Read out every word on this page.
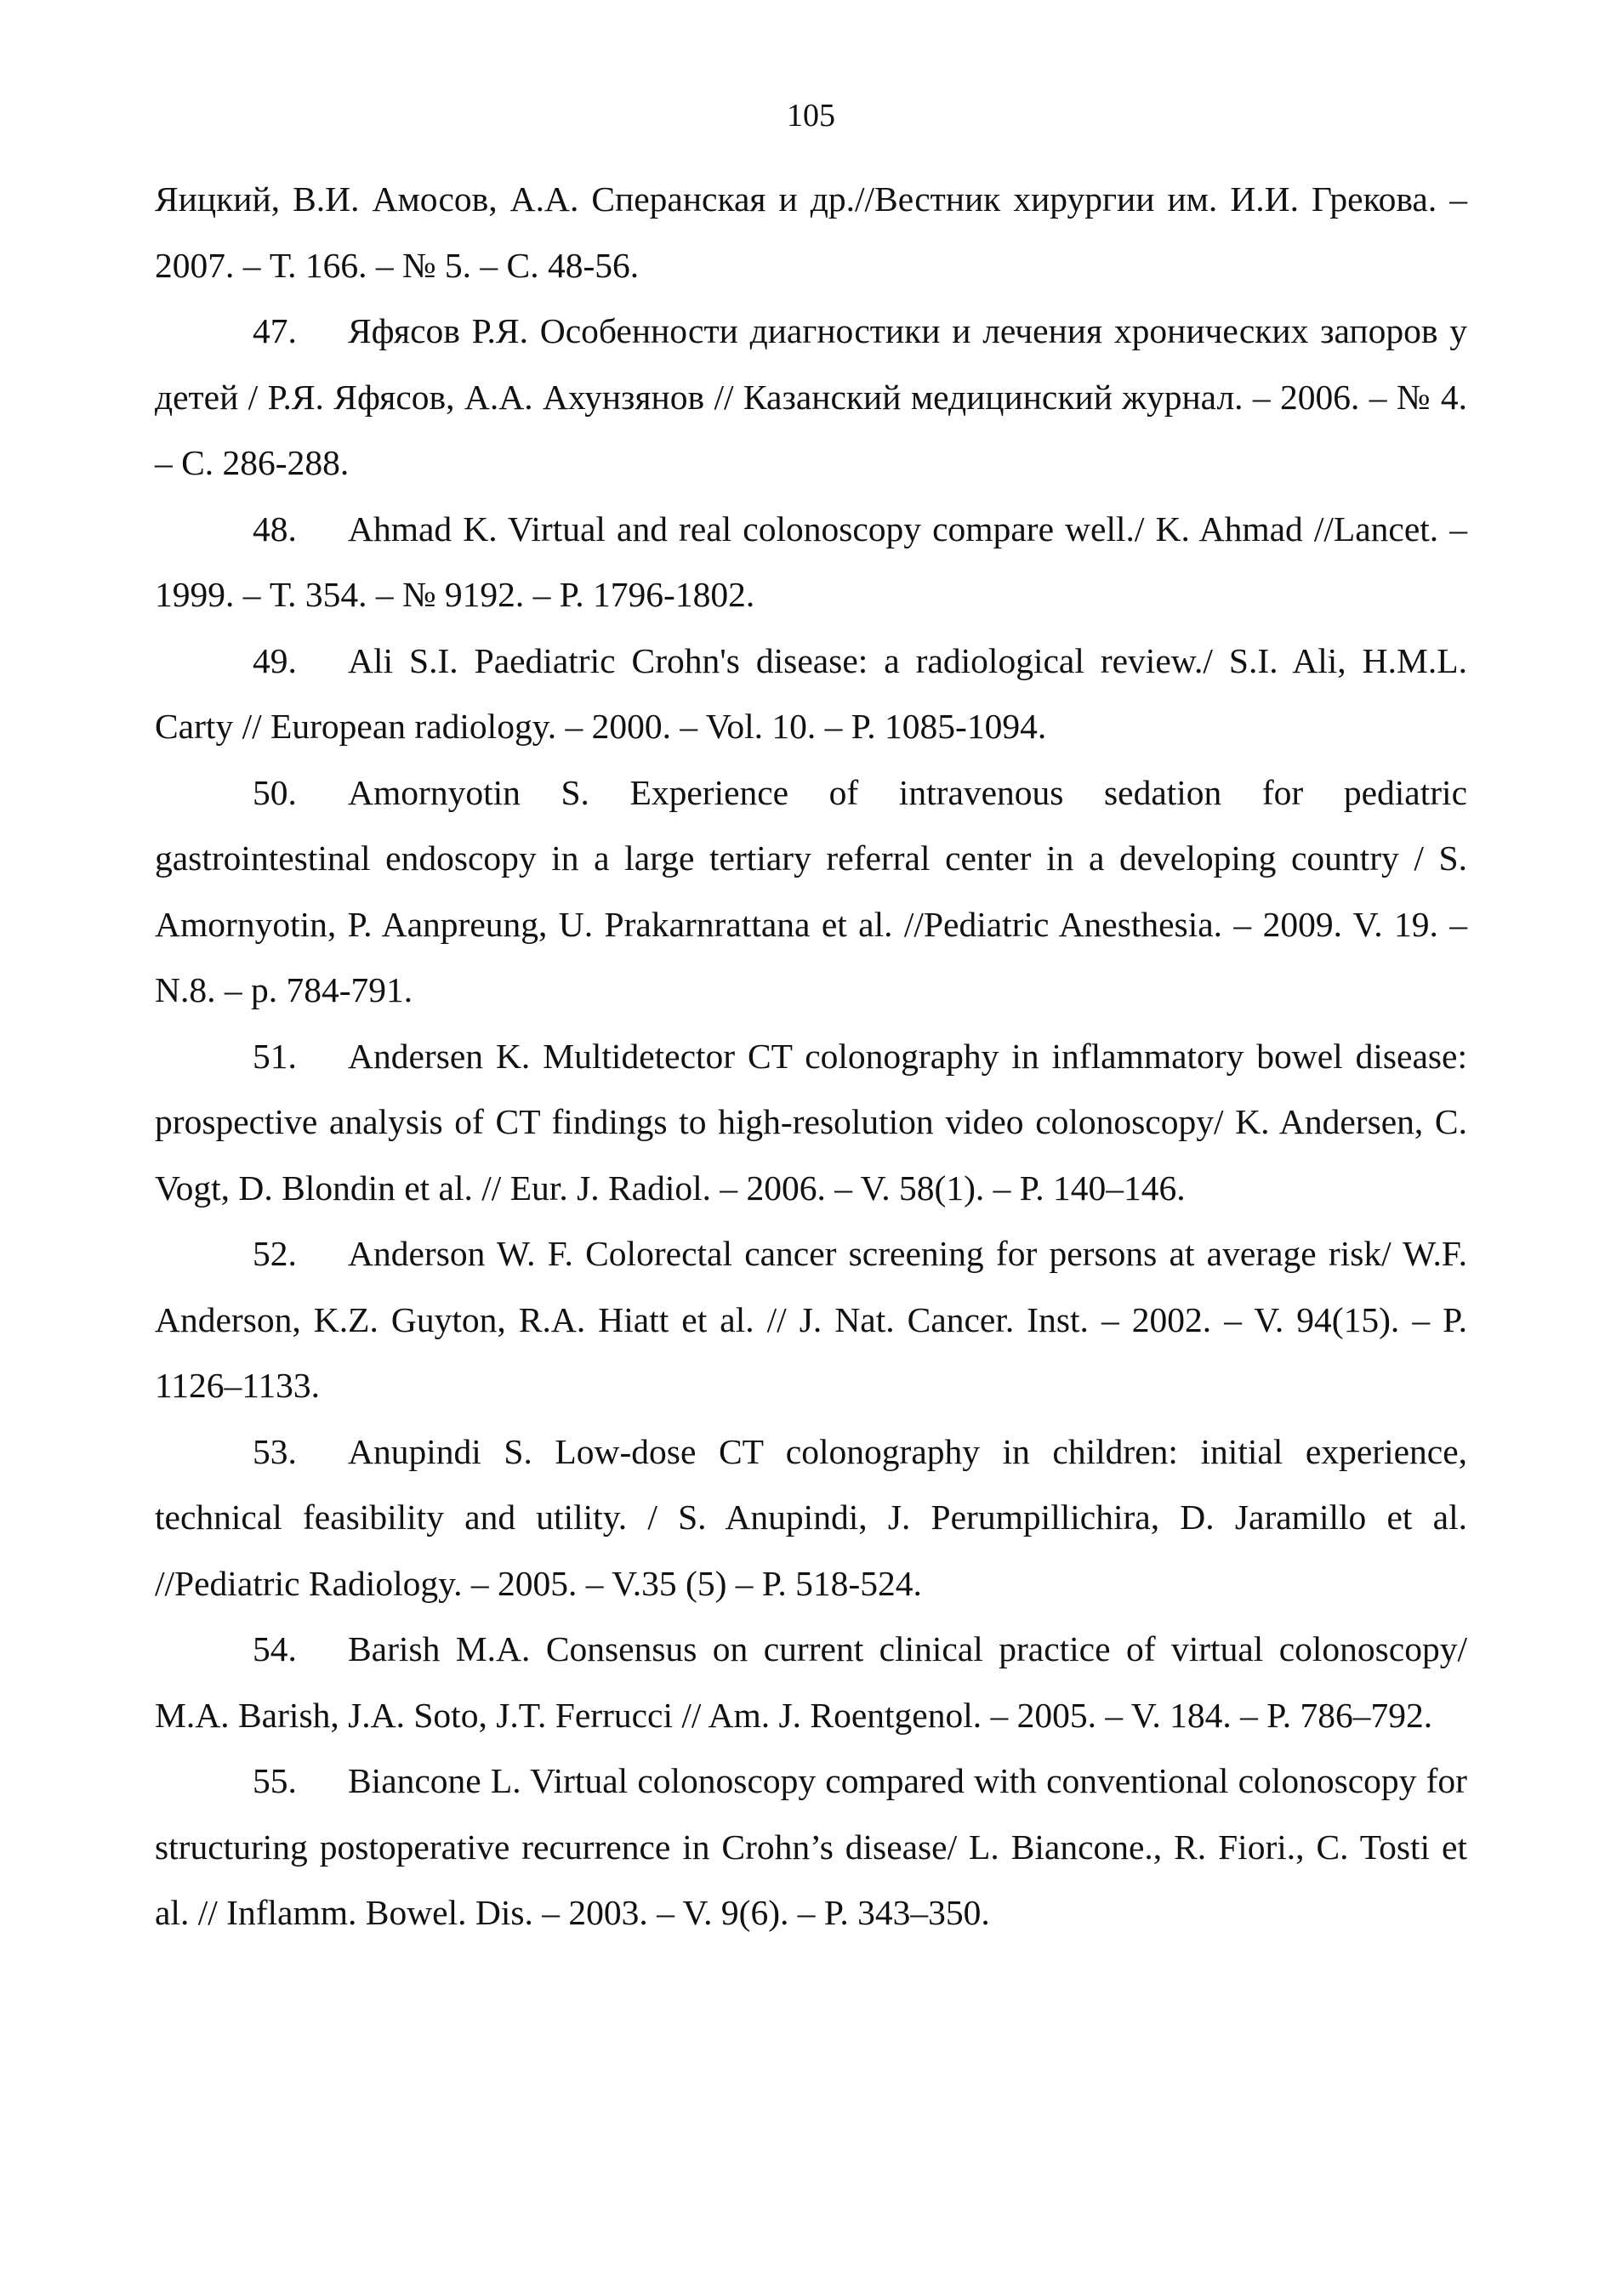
105

Яицкий, В.И. Амосов, А.А. Сперанская и др.//Вестник хирургии им. И.И. Грекова. – 2007. – Т. 166. – № 5. – С. 48-56.

47. Яфясов Р.Я. Особенности диагностики и лечения хронических запоров у детей / Р.Я. Яфясов, А.А. Ахунзянов // Казанский медицинский журнал. – 2006. – № 4. – С. 286-288.

48. Ahmad K. Virtual and real colonoscopy compare well./ K. Ahmad //Lancet. – 1999. – Т. 354. – № 9192. – P. 1796-1802.

49. Ali S.I. Paediatric Crohn's disease: a radiological review./ S.I. Ali, H.M.L. Carty // European radiology. – 2000. – Vol. 10. – P. 1085-1094.

50. Amornyotin S. Experience of intravenous sedation for pediatric gastrointestinal endoscopy in a large tertiary referral center in a developing country / S. Amornyotin, P. Aanpreung, U. Prakarnrattana et al. //Pediatric Anesthesia. – 2009. V. 19. – N.8. – p. 784-791.

51. Andersen K. Multidetector CT colonography in inflammatory bowel disease: prospective analysis of CT findings to high-resolution video colonoscopy/ K. Andersen, C. Vogt, D. Blondin et al. // Eur. J. Radiol. – 2006. – V. 58(1). – P. 140–146.

52. Anderson W. F. Colorectal cancer screening for persons at average risk/ W.F. Anderson, K.Z. Guyton, R.A. Hiatt et al. // J. Nat. Cancer. Inst. – 2002. – V. 94(15). – P. 1126–1133.

53. Anupindi S. Low-dose CT colonography in children: initial experience, technical feasibility and utility. / S. Anupindi, J. Perumpillichira, D. Jaramillo et al. //Pediatric Radiology. – 2005. – V.35 (5) – P. 518-524.

54. Barish M.A. Consensus on current clinical practice of virtual colonoscopy/ M.A. Barish, J.A. Soto, J.T. Ferrucci // Am. J. Roentgenol. – 2005. – V. 184. – P. 786–792.

55. Biancone L. Virtual colonoscopy compared with conventional colonoscopy for structuring postoperative recurrence in Crohn’s disease/ L. Biancone., R. Fiori., C. Tosti et al. // Inflamm. Bowel. Dis. – 2003. – V. 9(6). – P. 343–350.
